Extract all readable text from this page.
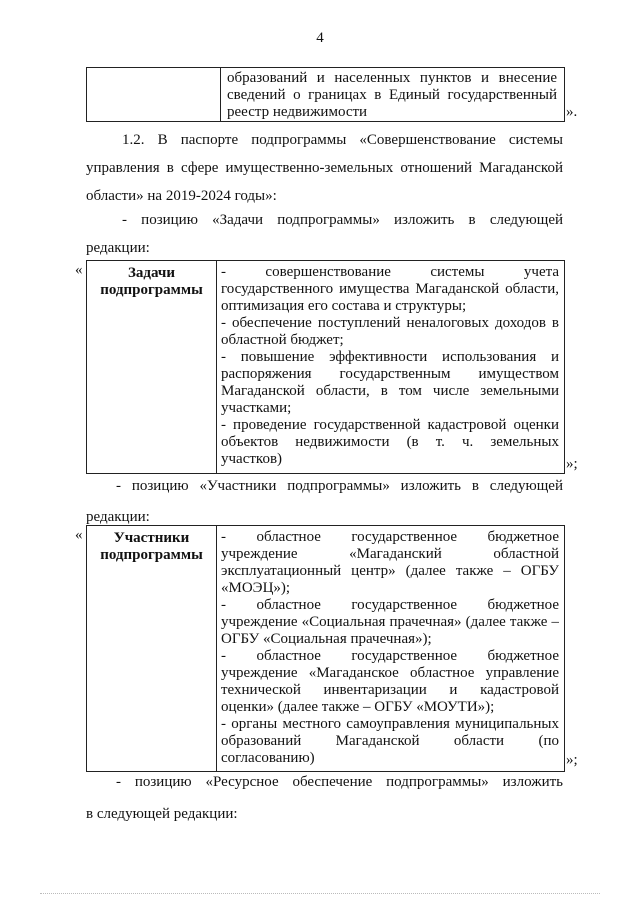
4
образований и населенных пунктов и внесение
сведений о границах в Единый государственный
реестр недвижимости	».
1.2. В паспорте подпрограммы «Совершенствование системы
управления в сфере имущественно-земельных отношений Магаданской
области» на 2019-2024 годы»:
- позицию «Задачи подпрограммы» изложить в следующей
редакции:
«	Задачи
подпрограммы
- совершенствование системы учета
государственного имущества Магаданской области,
оптимизация его состава и структуры;
- обеспечение поступлений неналоговых доходов в
областной бюджет;
- повышение эффективности использования и
распоряжения государственным имуществом
Магаданской области, в том числе земельными
участками;
- проведение государственной кадастровой оценки
объектов недвижимости (в т. ч. земельных
участков)	»;
- позицию «Участники подпрограммы» изложить в следующей
редакции:
«	Участники
подпрограммы
- областное государственное бюджетное
учреждение «Магаданский областной
эксплуатационный центр» (далее также – ОГБУ
«МОЭЦ»);
- областное государственное бюджетное
учреждение «Социальная прачечная» (далее также –
ОГБУ «Социальная прачечная»);
- областное государственное бюджетное
учреждение «Магаданское областное управление
технической инвентаризации и кадастровой
оценки» (далее также – ОГБУ «МОУТИ»);
- органы местного самоуправления муниципальных
образований Магаданской области (по
согласованию)	»;
- позицию «Ресурсное обеспечение подпрограммы» изложить
в следующей редакции:
